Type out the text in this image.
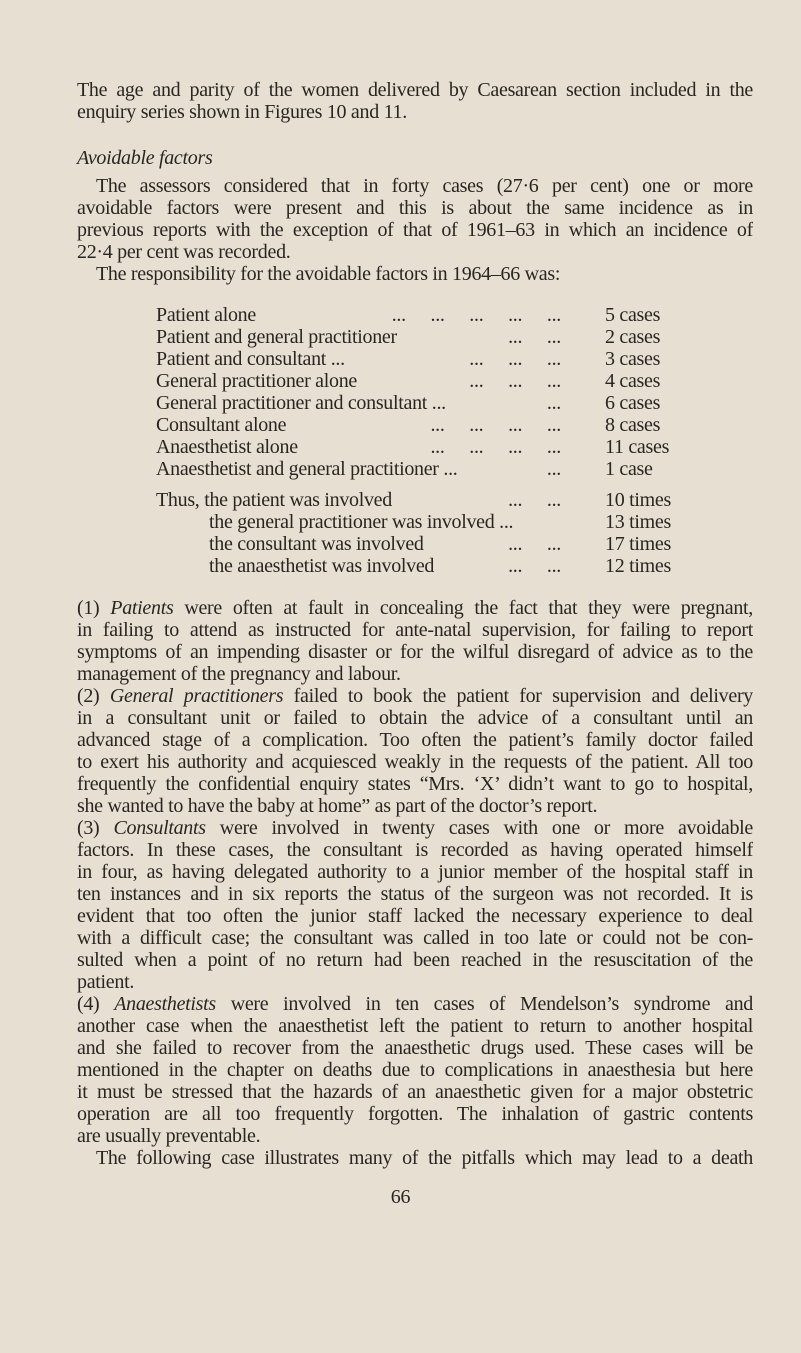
The age and parity of the women delivered by Caesarean section included in the
enquiry series shown in Figures 10 and 11.
Avoidable factors
The assessors considered that in forty cases (27·6 per cent) one or more
avoidable factors were present and this is about the same incidence as in
previous reports with the exception of that of 1961–63 in which an incidence of
22·4 per cent was recorded.
The responsibility for the avoidable factors in 1964–66 was:
Patient alone	... ... ... ... ... 5 cases
Patient and general practitioner	... ... 2 cases
Patient and consultant ...	... ... ... 3 cases
General practitioner alone	... ... ... 4 cases
General practitioner and consultant ...	... 6 cases
Consultant alone	... ... ... ... 8 cases
Anaesthetist alone	... ... ... ... 11 cases
Anaesthetist and general practitioner ...	... 1 case
Thus, the patient was involved	... ... 10 times
the general practitioner was involved ...	13 times
the consultant was involved	... ... 17 times
the anaesthetist was involved	... ... 12 times
(1) Patients were often at fault in concealing the fact that they were pregnant,
in failing to attend as instructed for ante-natal supervision, for failing to report
symptoms of an impending disaster or for the wilful disregard of advice as to the
management of the pregnancy and labour.
(2) General practitioners failed to book the patient for supervision and delivery
in a consultant unit or failed to obtain the advice of a consultant until an
advanced stage of a complication. Too often the patient’s family doctor failed
to exert his authority and acquiesced weakly in the requests of the patient. All too
frequently the confidential enquiry states “Mrs. ‘X’ didn’t want to go to hospital,
she wanted to have the baby at home” as part of the doctor’s report.
(3) Consultants were involved in twenty cases with one or more avoidable
factors. In these cases, the consultant is recorded as having operated himself
in four, as having delegated authority to a junior member of the hospital staff in
ten instances and in six reports the status of the surgeon was not recorded. It is
evident that too often the junior staff lacked the necessary experience to deal
with a difficult case; the consultant was called in too late or could not be con-
sulted when a point of no return had been reached in the resuscitation of the
patient.
(4) Anaesthetists were involved in ten cases of Mendelson’s syndrome and
another case when the anaesthetist left the patient to return to another hospital
and she failed to recover from the anaesthetic drugs used. These cases will be
mentioned in the chapter on deaths due to complications in anaesthesia but here
it must be stressed that the hazards of an anaesthetic given for a major obstetric
operation are all too frequently forgotten. The inhalation of gastric contents
are usually preventable.
The following case illustrates many of the pitfalls which may lead to a death
66
